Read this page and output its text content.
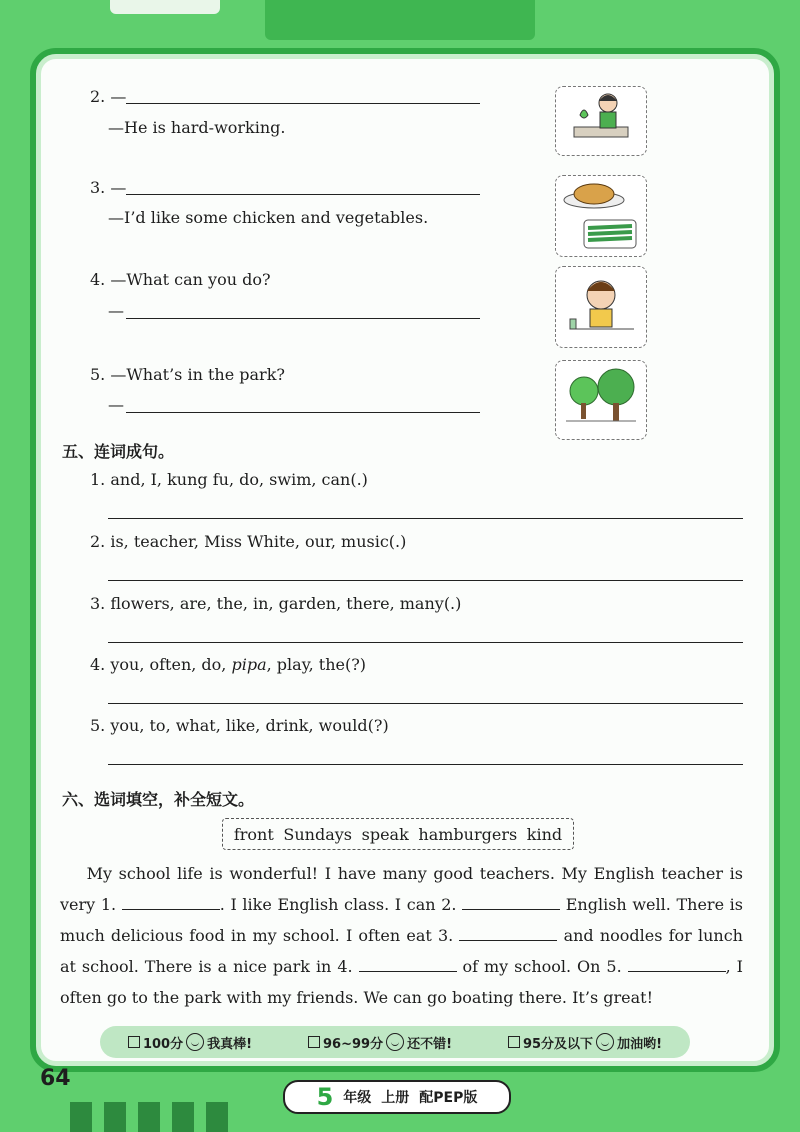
2. —
—He is hard-working.
3. —
—I’d like some chicken and vegetables.
4. —What can you do?
—
5. —What’s in the park?
—
五、连词成句。
1. and, I, kung fu, do, swim, can(.)
2. is, teacher, Miss White, our, music(.)
3. flowers, are, the, in, garden, there, many(.)
4. you, often, do, pipa, play, the(?)
5. you, to, what, like, drink, would(?)
六、选词填空，补全短文。
front Sundays speak hamburgers kind
My school life is wonderful! I have many good teachers. My English teacher is very 1.	. I like English class. I can 2.	English well. There is much delicious food in my school. I often eat 3.	and noodles for lunch at school. There is a nice park in 4.	of my school. On 5.	, I often go to the park with my friends. We can go boating there. It’s great!
100分 我真棒!	96~99分 还不错!	95分及以下 加油哟!
64
5 年级 上册 配PEP版
